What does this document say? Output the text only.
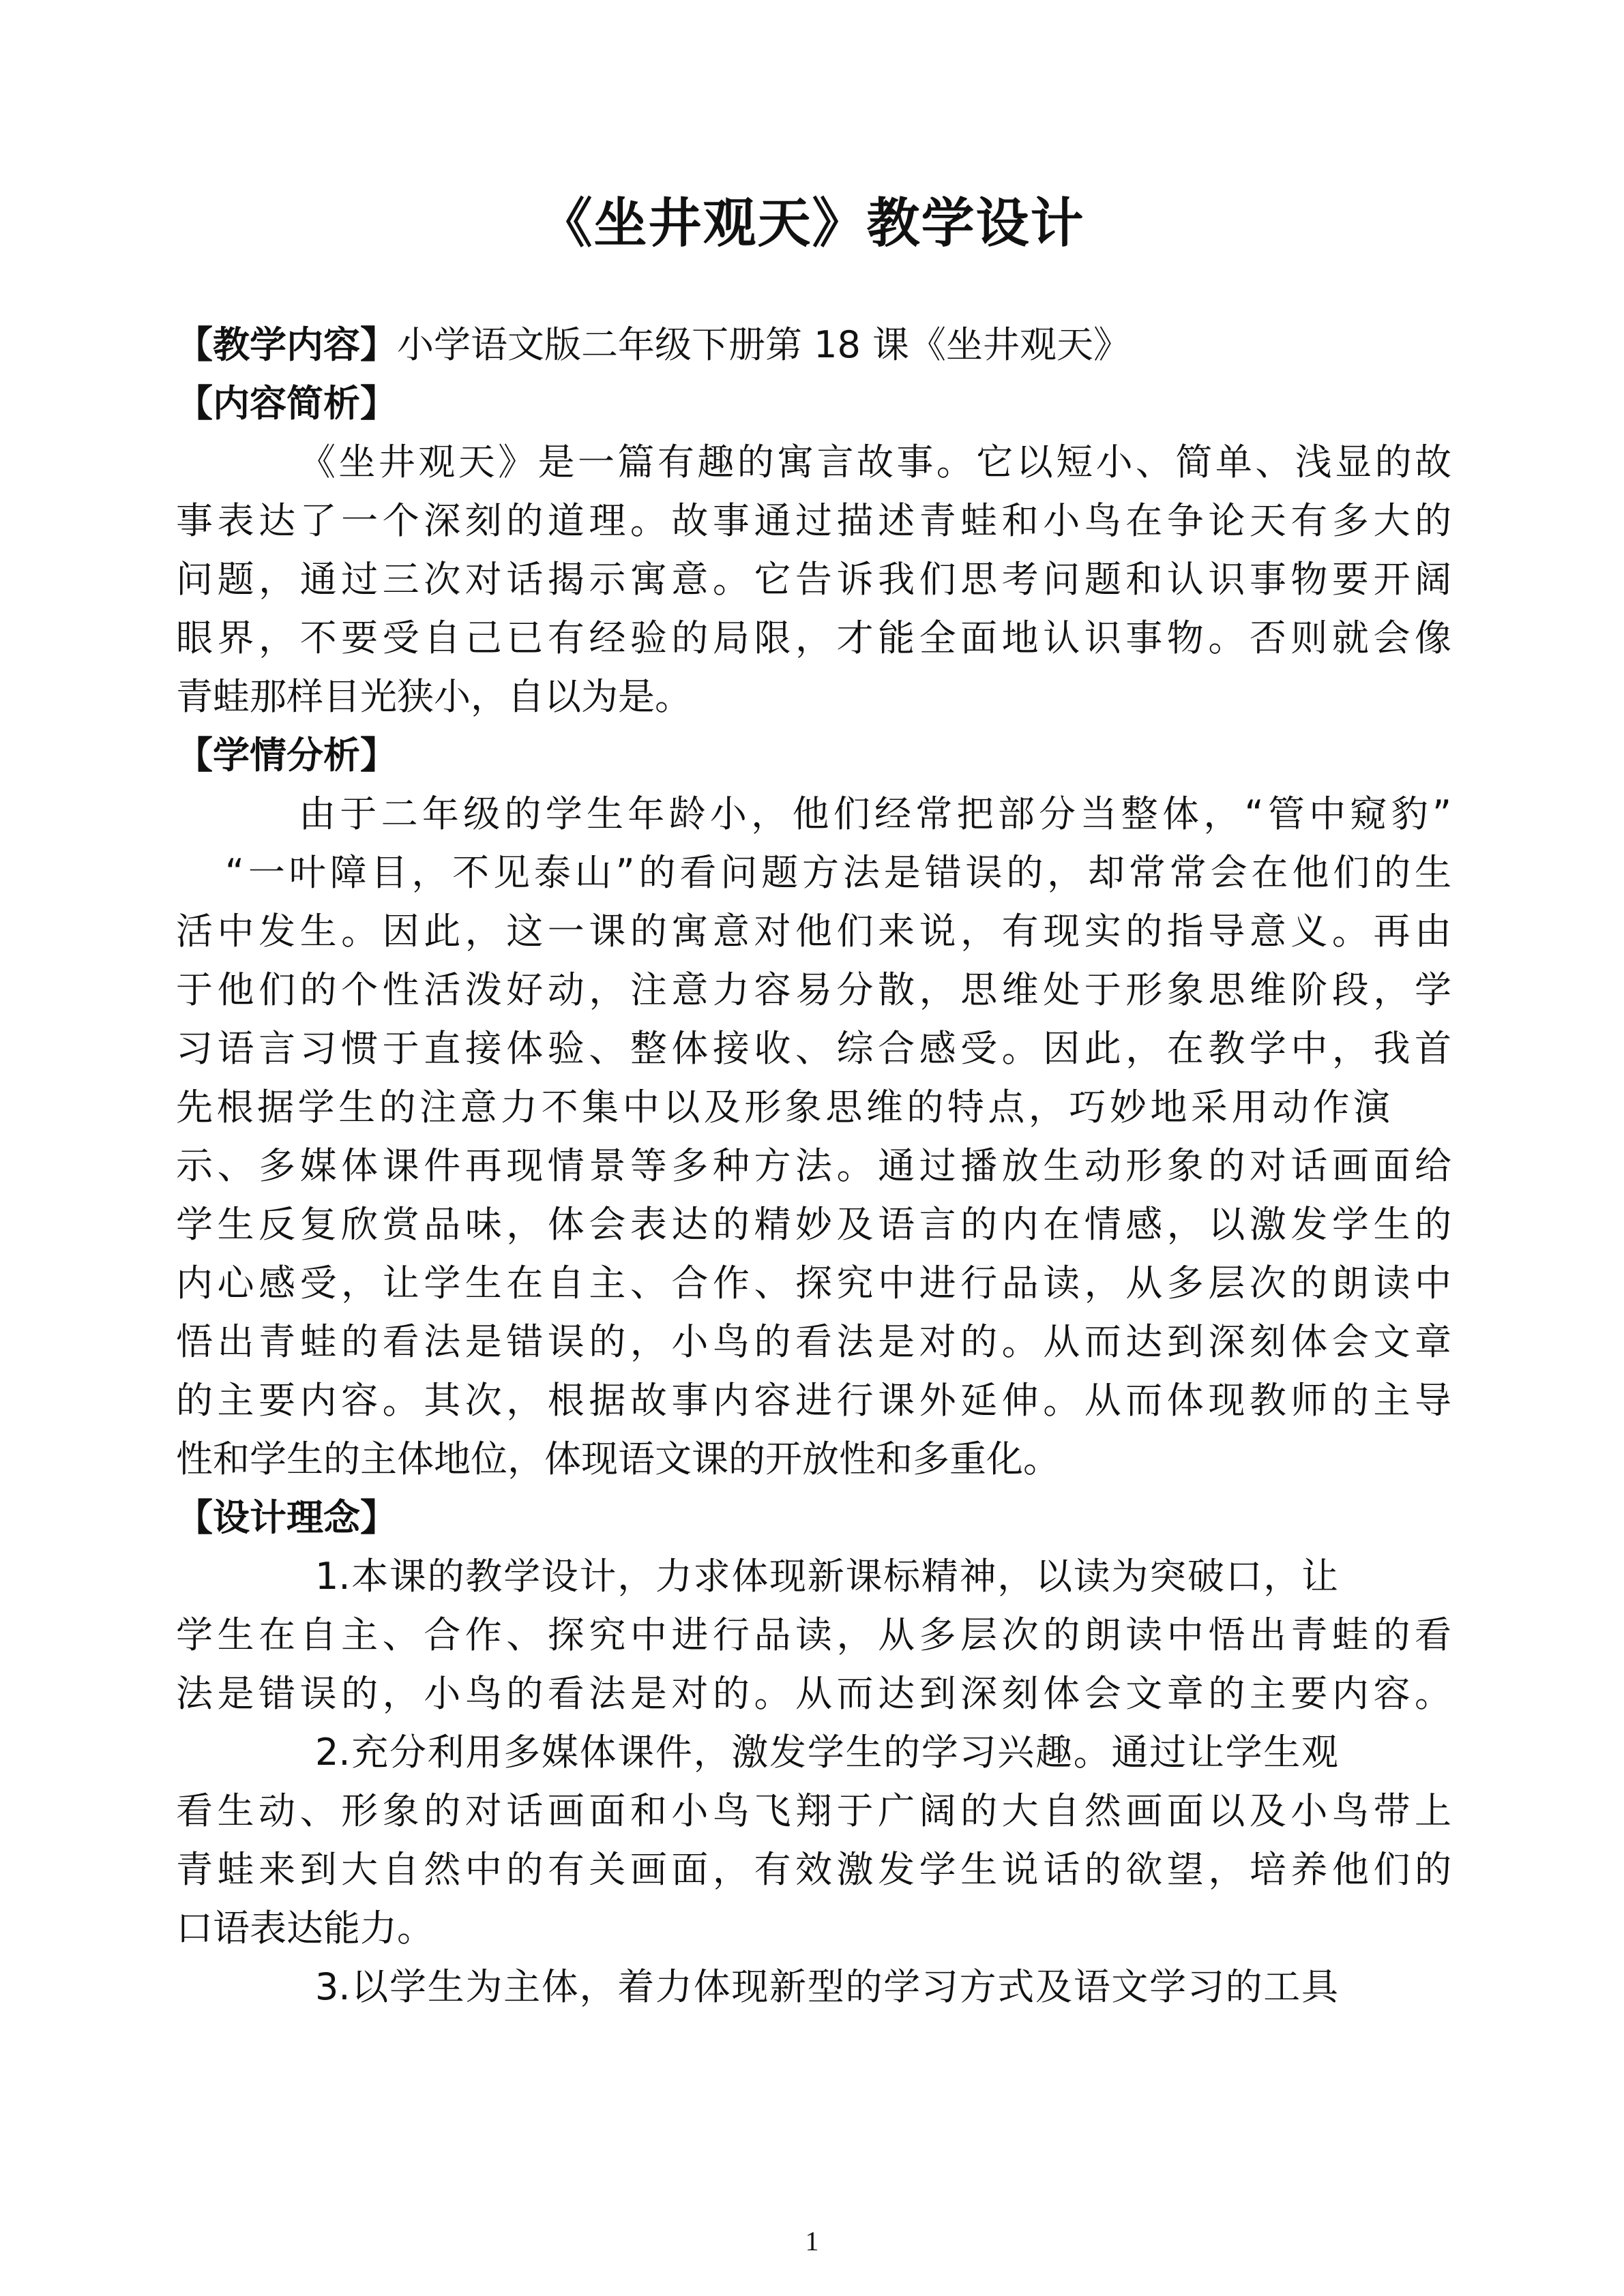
《坐井观天》教学设计
【教学内容】小学语文版二年级下册第 18 课《坐井观天》
【内容简析】
《坐井观天》是一篇有趣的寓言故事。它以短小、简单、浅显的故
事表达了一个深刻的道理。故事通过描述青蛙和小鸟在争论天有多大的
问题，通过三次对话揭示寓意。它告诉我们思考问题和认识事物要开阔
眼界，不要受自己已有经验的局限，才能全面地认识事物。否则就会像
青蛙那样目光狭小，自以为是。
【学情分析】
由于二年级的学生年龄小，他们经常把部分当整体，“管中窥豹”
“一叶障目，不见泰山”的看问题方法是错误的，却常常会在他们的生
活中发生。因此，这一课的寓意对他们来说，有现实的指导意义。再由
于他们的个性活泼好动，注意力容易分散，思维处于形象思维阶段，学
习语言习惯于直接体验、整体接收、综合感受。因此，在教学中，我首
先根据学生的注意力不集中以及形象思维的特点，巧妙地采用动作演
示、多媒体课件再现情景等多种方法。通过播放生动形象的对话画面给
学生反复欣赏品味，体会表达的精妙及语言的内在情感，以激发学生的
内心感受，让学生在自主、合作、探究中进行品读，从多层次的朗读中
悟出青蛙的看法是错误的，小鸟的看法是对的。从而达到深刻体会文章
的主要内容。其次，根据故事内容进行课外延伸。从而体现教师的主导
性和学生的主体地位，体现语文课的开放性和多重化。
【设计理念】
1.本课的教学设计，力求体现新课标精神，以读为突破口，让
学生在自主、合作、探究中进行品读，从多层次的朗读中悟出青蛙的看
法是错误的，小鸟的看法是对的。从而达到深刻体会文章的主要内容。
2.充分利用多媒体课件，激发学生的学习兴趣。通过让学生观
看生动、形象的对话画面和小鸟飞翔于广阔的大自然画面以及小鸟带上
青蛙来到大自然中的有关画面，有效激发学生说话的欲望，培养他们的
口语表达能力。
3.以学生为主体，着力体现新型的学习方式及语文学习的工具
1
